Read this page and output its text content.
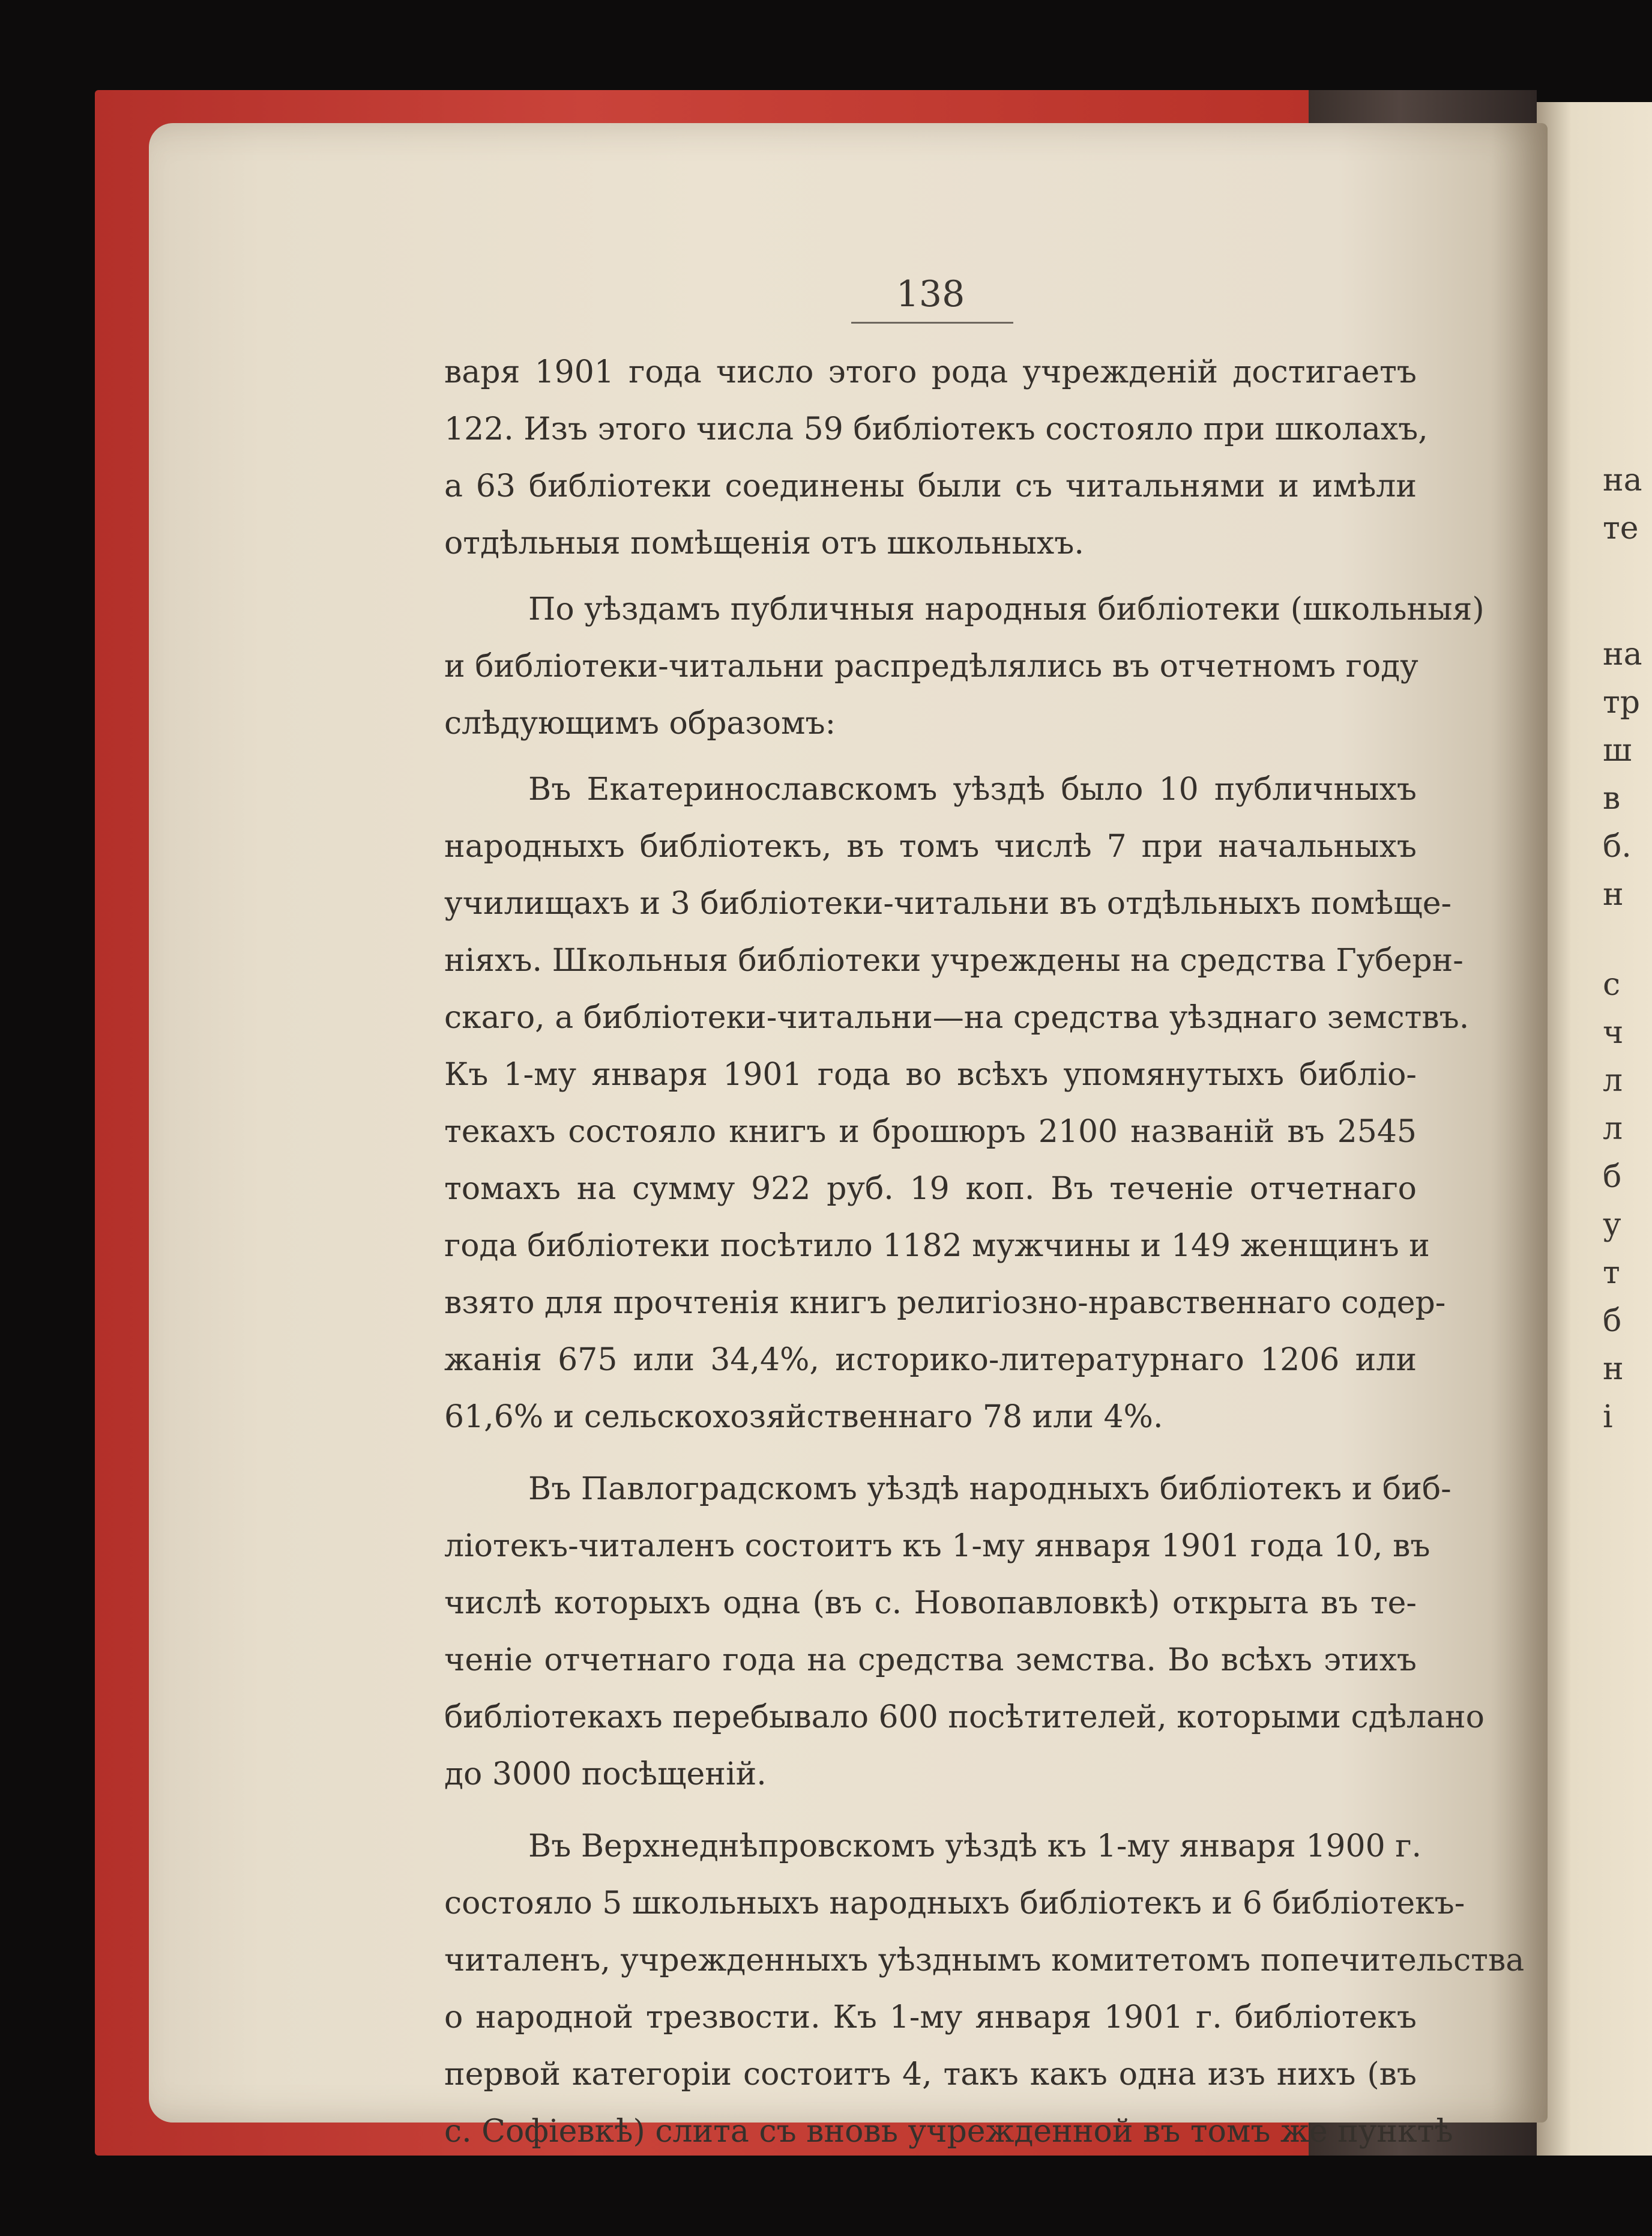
на
те
на
тр
ш
в
б.
н
с
ч
л
л
б
у
т
б
н
i
138
варя 1901 года число этого рода учрежденій достигаетъ
122. Изъ этого числа 59 библіотекъ состояло при школахъ,
а 63 библіотеки соединены были съ читальнями и имѣли
отдѣльныя помѣщенія отъ школьныхъ.
По уѣздамъ публичныя народныя библіотеки (школьныя)
и библіотеки-читальни распредѣлялись въ отчетномъ году
слѣдующимъ образомъ:
Въ Екатеринославскомъ уѣздѣ было 10 публичныхъ
народныхъ библіотекъ, въ томъ числѣ 7 при начальныхъ
училищахъ и 3 библіотеки-читальни въ отдѣльныхъ помѣще-
ніяхъ. Школьныя библіотеки учреждены на средства Губерн-
скаго, а библіотеки-читальни—на средства уѣзднаго земствъ.
Къ 1-му января 1901 года во всѣхъ упомянутыхъ библіо-
текахъ состояло книгъ и брошюръ 2100 названій въ 2545
томахъ на сумму 922 руб. 19 коп. Въ теченіе отчетнаго
года библіотеки посѣтило 1182 мужчины и 149 женщинъ и
взято для прочтенія книгъ религіозно-нравственнаго содер-
жанія 675 или 34,4%, историко-литературнаго 1206 или
61,6% и сельскохозяйственнаго 78 или 4%.
Въ Павлоградскомъ уѣздѣ народныхъ библіотекъ и биб-
ліотекъ-читаленъ состоитъ къ 1-му января 1901 года 10, въ
числѣ которыхъ одна (въ с. Новопавловкѣ) открыта въ те-
ченіе отчетнаго года на средства земства. Во всѣхъ этихъ
библіотекахъ перебывало 600 посѣтителей, которыми сдѣлано
до 3000 посѣщеній.
Въ Верхнеднѣпровскомъ уѣздѣ къ 1-му января 1900 г.
состояло 5 школьныхъ народныхъ библіотекъ и 6 библіотекъ-
читаленъ, учрежденныхъ уѣзднымъ комитетомъ попечительства
о народной трезвости. Къ 1-му января 1901 г. библіотекъ
первой категоріи состоитъ 4, такъ какъ одна изъ нихъ (въ
с. Софіевкѣ) слита съ вновь учрежденной въ томъ же пунктѣ
